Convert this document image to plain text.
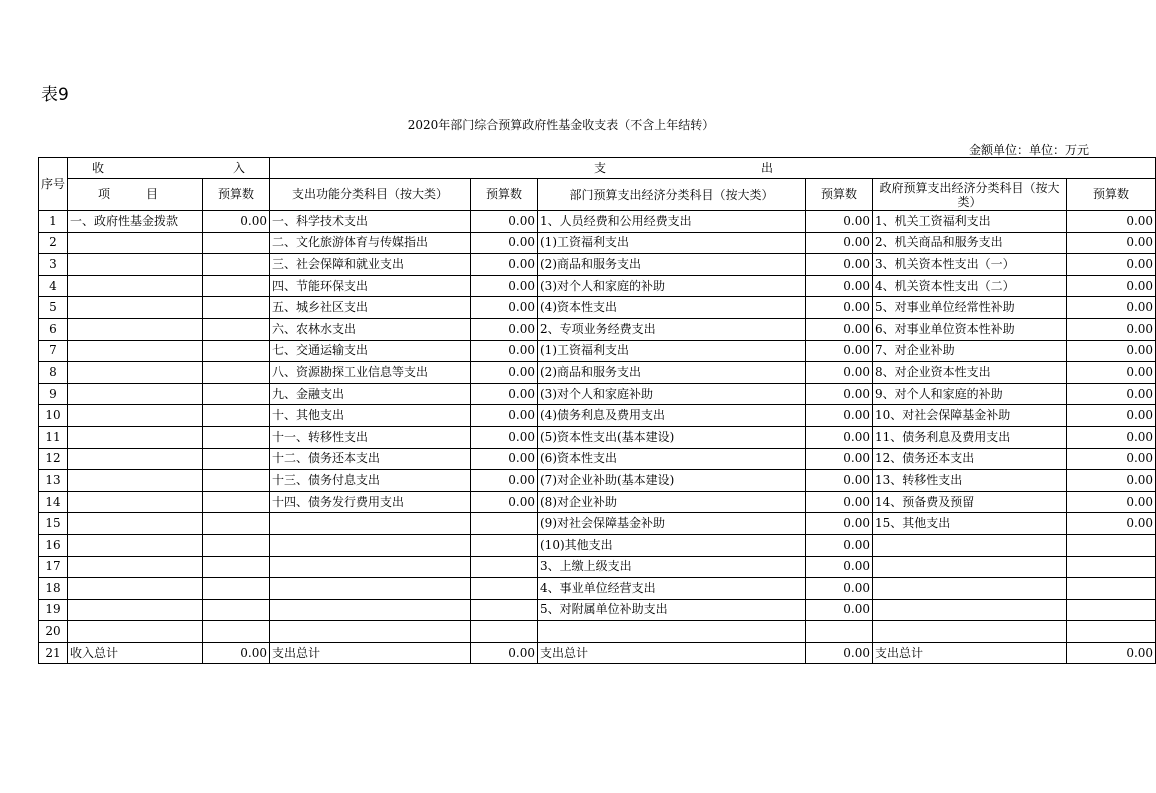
表9
2020年部门综合预算政府性基金收支表（不含上年结转）
金额单位：单位：万元
序号	收 入		支 出					

	项 目	预算数	支出功能分类科目（按大类）	预算数	部门预算支出经济分类科目（按大类）	预算数	政府预算支出经济分类科目（按大类）	预算数
1	一、政府性基金拨款	0.00	一、科学技术支出	0.00	1、人员经费和公用经费支出	0.00	1、机关工资福利支出	0.00
2			二、文化旅游体育与传媒指出	0.00	(1)工资福利支出	0.00	2、机关商品和服务支出	0.00
3			三、社会保障和就业支出	0.00	(2)商品和服务支出	0.00	3、机关资本性支出（一）	0.00
4			四、节能环保支出	0.00	(3)对个人和家庭的补助	0.00	4、机关资本性支出（二）	0.00
5			五、城乡社区支出	0.00	(4)资本性支出	0.00	5、对事业单位经常性补助	0.00
6			六、农林水支出	0.00	2、专项业务经费支出	0.00	6、对事业单位资本性补助	0.00
7			七、交通运输支出	0.00	(1)工资福利支出	0.00	7、对企业补助	0.00
8			八、资源勘探工业信息等支出	0.00	(2)商品和服务支出	0.00	8、对企业资本性支出	0.00
9			九、金融支出	0.00	(3)对个人和家庭补助	0.00	9、对个人和家庭的补助	0.00
10			十、其他支出	0.00	(4)债务利息及费用支出	0.00	10、对社会保障基金补助	0.00
11			十一、转移性支出	0.00	(5)资本性支出(基本建设)	0.00	11、债务利息及费用支出	0.00
12			十二、债务还本支出	0.00	(6)资本性支出	0.00	12、债务还本支出	0.00
13			十三、债务付息支出	0.00	(7)对企业补助(基本建设)	0.00	13、转移性支出	0.00
14			十四、债务发行费用支出	0.00	(8)对企业补助	0.00	14、预备费及预留	0.00
15					(9)对社会保障基金补助	0.00	15、其他支出	0.00
16					(10)其他支出	0.00		
17					3、上缴上级支出	0.00		
18					4、事业单位经营支出	0.00		
19					5、对附属单位补助支出	0.00		
20								
21	收入总计	0.00	支出总计	0.00	支出总计	0.00	支出总计	0.00
